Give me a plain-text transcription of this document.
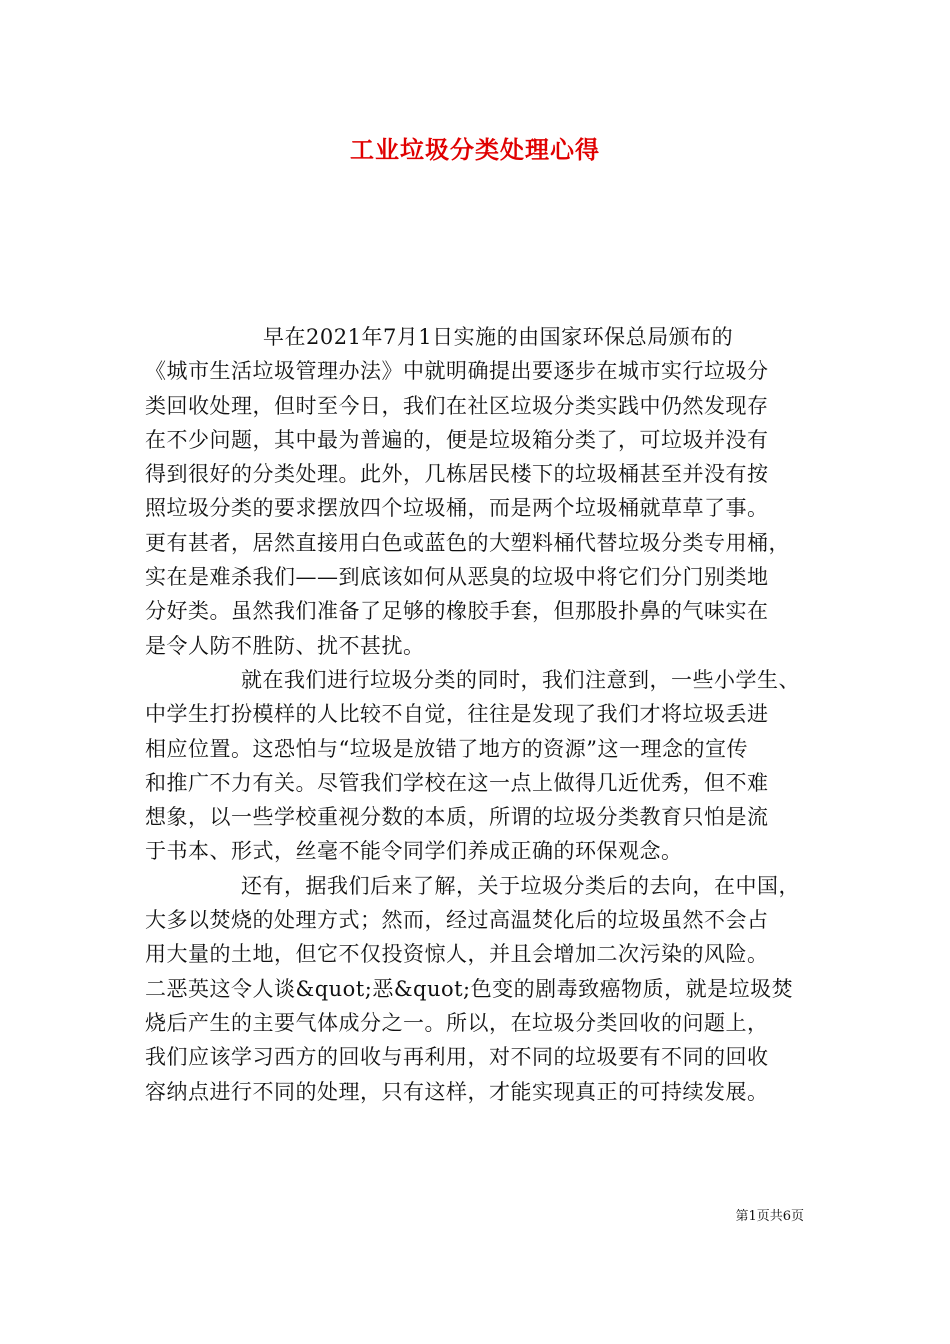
工业垃圾分类处理心得
早在2021年7月1日实施的由国家环保总局颁布的
《城市生活垃圾管理办法》中就明确提出要逐步在城市实行垃圾分
类回收处理，但时至今日，我们在社区垃圾分类实践中仍然发现存
在不少问题，其中最为普遍的，便是垃圾箱分类了，可垃圾并没有
得到很好的分类处理。此外，几栋居民楼下的垃圾桶甚至并没有按
照垃圾分类的要求摆放四个垃圾桶，而是两个垃圾桶就草草了事。
更有甚者，居然直接用白色或蓝色的大塑料桶代替垃圾分类专用桶，
实在是难杀我们——到底该如何从恶臭的垃圾中将它们分门别类地
分好类。虽然我们准备了足够的橡胶手套，但那股扑鼻的气味实在
是令人防不胜防、扰不甚扰。
就在我们进行垃圾分类的同时，我们注意到，一些小学生、
中学生打扮模样的人比较不自觉，往往是发现了我们才将垃圾丢进
相应位置。这恐怕与“垃圾是放错了地方的资源”这一理念的宣传
和推广不力有关。尽管我们学校在这一点上做得几近优秀，但不难
想象，以一些学校重视分数的本质，所谓的垃圾分类教育只怕是流
于书本、形式，丝毫不能令同学们养成正确的环保观念。
还有，据我们后来了解，关于垃圾分类后的去向，在中国，
大多以焚烧的处理方式；然而，经过高温焚化后的垃圾虽然不会占
用大量的土地，但它不仅投资惊人，并且会增加二次污染的风险。
二恶英这令人谈&quot;恶&quot;色变的剧毒致癌物质，就是垃圾焚
烧后产生的主要气体成分之一。所以，在垃圾分类回收的问题上，
我们应该学习西方的回收与再利用，对不同的垃圾要有不同的回收
容纳点进行不同的处理，只有这样，才能实现真正的可持续发展。
第1页共6页
